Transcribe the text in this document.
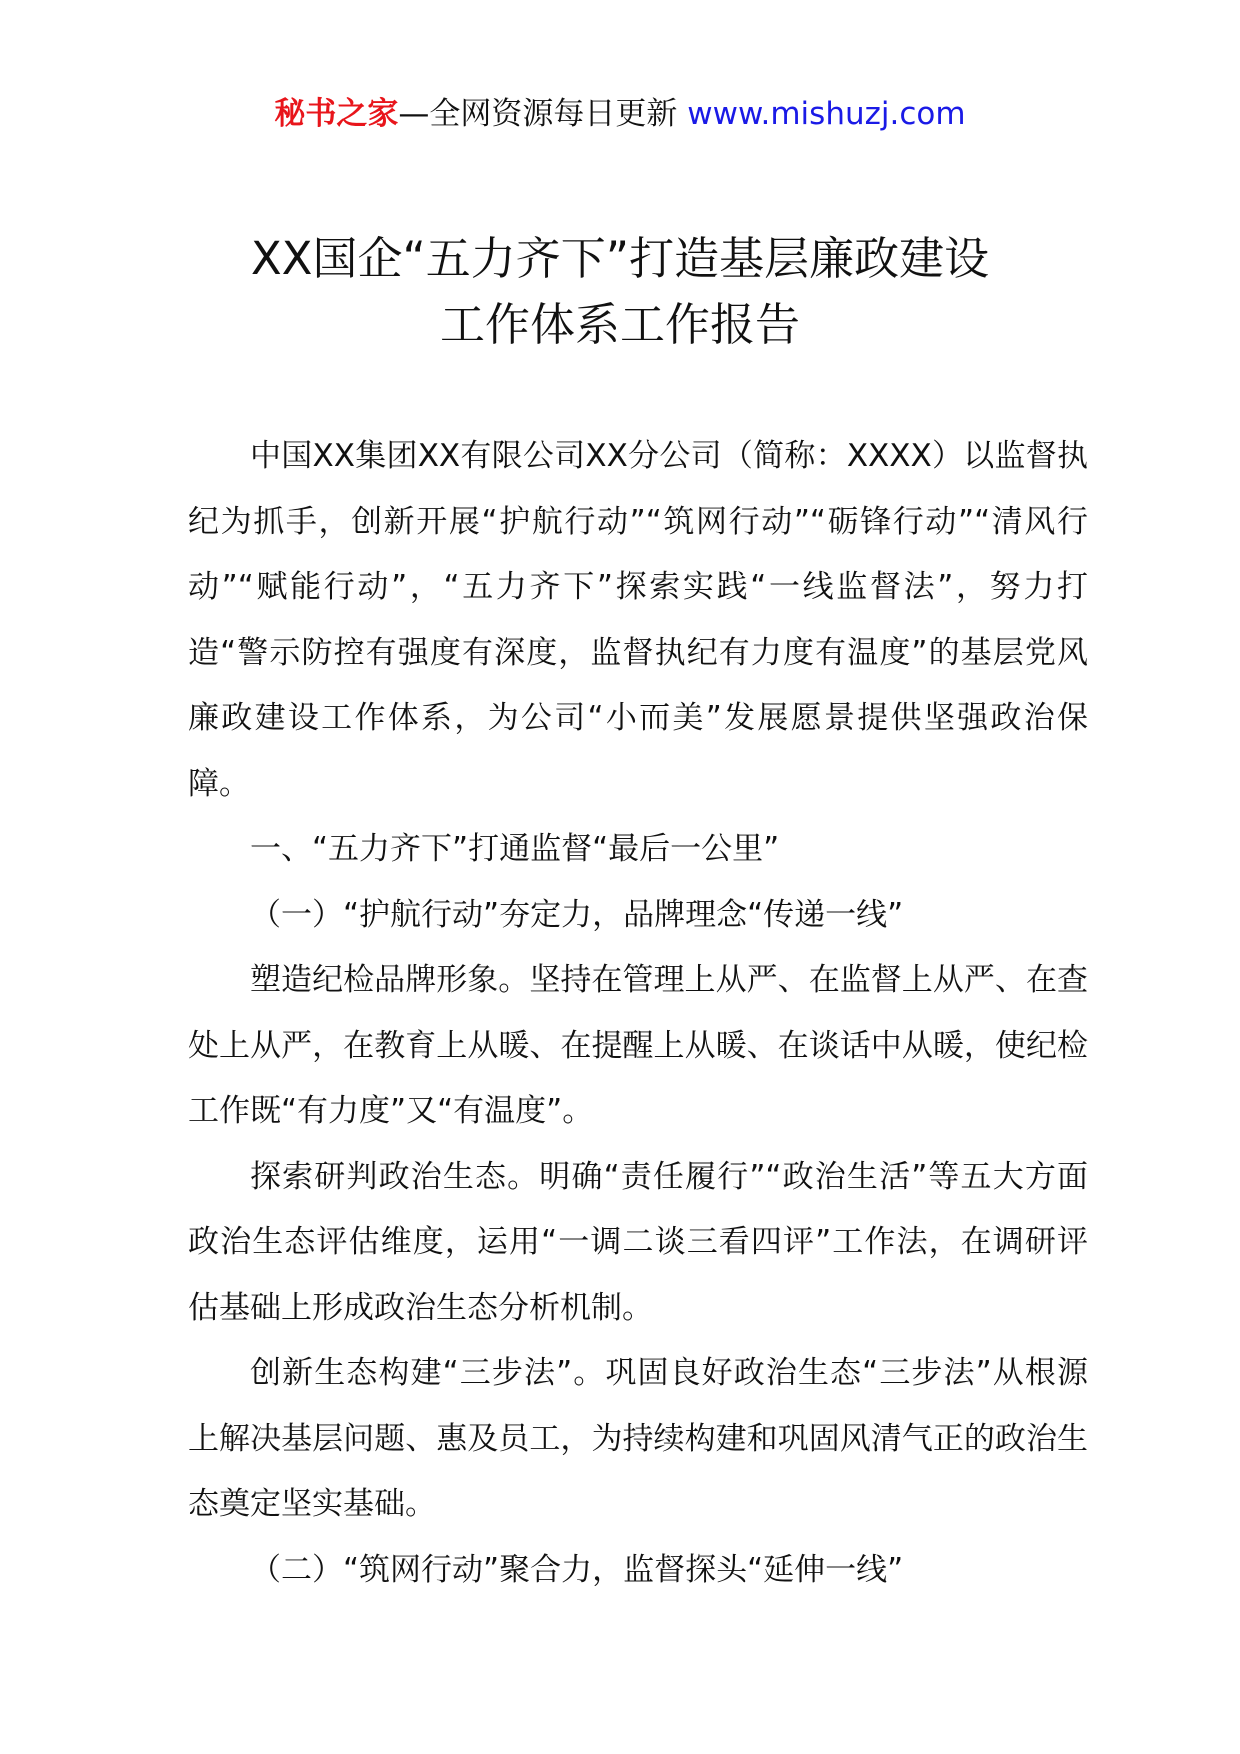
秘书之家—全网资源每日更新 www.mishuzj.com
XX国企“五力齐下”打造基层廉政建设
工作体系工作报告

中国XX集团XX有限公司XX分公司（简称：XXXX）以监督执纪为抓手，创新开展“护航行动”“筑网行动”“砺锋行动”“清风行动”“赋能行动”，“五力齐下”探索实践“一线监督法”，努力打造“警示防控有强度有深度，监督执纪有力度有温度”的基层党风廉政建设工作体系，为公司“小而美”发展愿景提供坚强政治保障。

一、“五力齐下”打通监督“最后一公里”

（一）“护航行动”夯定力，品牌理念“传递一线”

塑造纪检品牌形象。坚持在管理上从严、在监督上从严、在查处上从严，在教育上从暖、在提醒上从暖、在谈话中从暖，使纪检工作既“有力度”又“有温度”。

探索研判政治生态。明确“责任履行”“政治生活”等五大方面政治生态评估维度，运用“一调二谈三看四评”工作法，在调研评估基础上形成政治生态分析机制。

创新生态构建“三步法”。巩固良好政治生态“三步法”从根源上解决基层问题、惠及员工，为持续构建和巩固风清气正的政治生态奠定坚实基础。

（二）“筑网行动”聚合力，监督探头“延伸一线”
